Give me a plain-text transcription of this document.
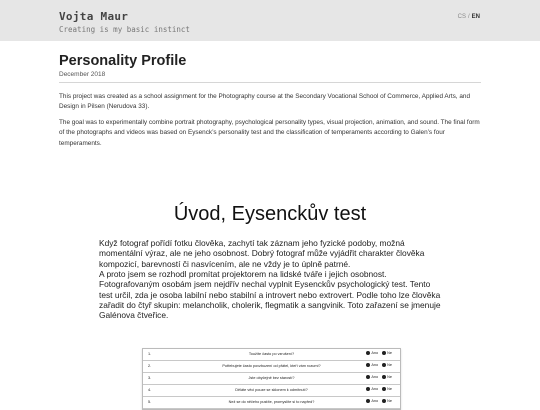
Vojta Maur
Creating is my basic instinct
CS / EN
Personality Profile
December 2018

This project was created as a school assignment for the Photography course at the Secondary Vocational School of Commerce, Applied Arts, and Design in Pilsen (Nerudova 33).

The goal was to experimentally combine portrait photography, psychological personality types, visual projection, animation, and sound. The final form of the photographs and videos was based on Eysenck’s personality test and the classification of temperaments according to Galen’s four temperaments.

Úvod, Eysenckův test
Když fotograf pořídí fotku člověka, zachytí tak záznam jeho fyzické podoby, možná momentální výraz, ale ne jeho osobnost. Dobrý fotograf může vyjádřit charakter člověka kompozicí, barevností či nasvícením, ale ne vždy je to úplně patrné.
A proto jsem se rozhodl promítat projektorem na lidské tváře i jejich osobnost. Fotografovaným osobám jsem nejdřív nechal vyplnit Eysenckův psychologický test. Tento test určil, zda je osoba labilní nebo stabilní a introvert nebo extrovert. Podle toho lze člověka zařadit do čtyř skupin: melancholik, cholerik, flegmatik a sangvinik. Toto zařazení se jmenuje Galénova čtveřice.
1.	Toužíte často po vzrušení?	Ano Ne
2.	Potřebujete často povzbuzení od přátel, kteří vám rozumí?	Ano Ne
3.	Jste obyčejně bez starostí?	Ano Ne
4.	Děláte věci pouze se sklonem k odmítnutí?	Ano Ne
5.	Než se do něčeho pustíte, promyslíte si to napřed?	Ano Ne
